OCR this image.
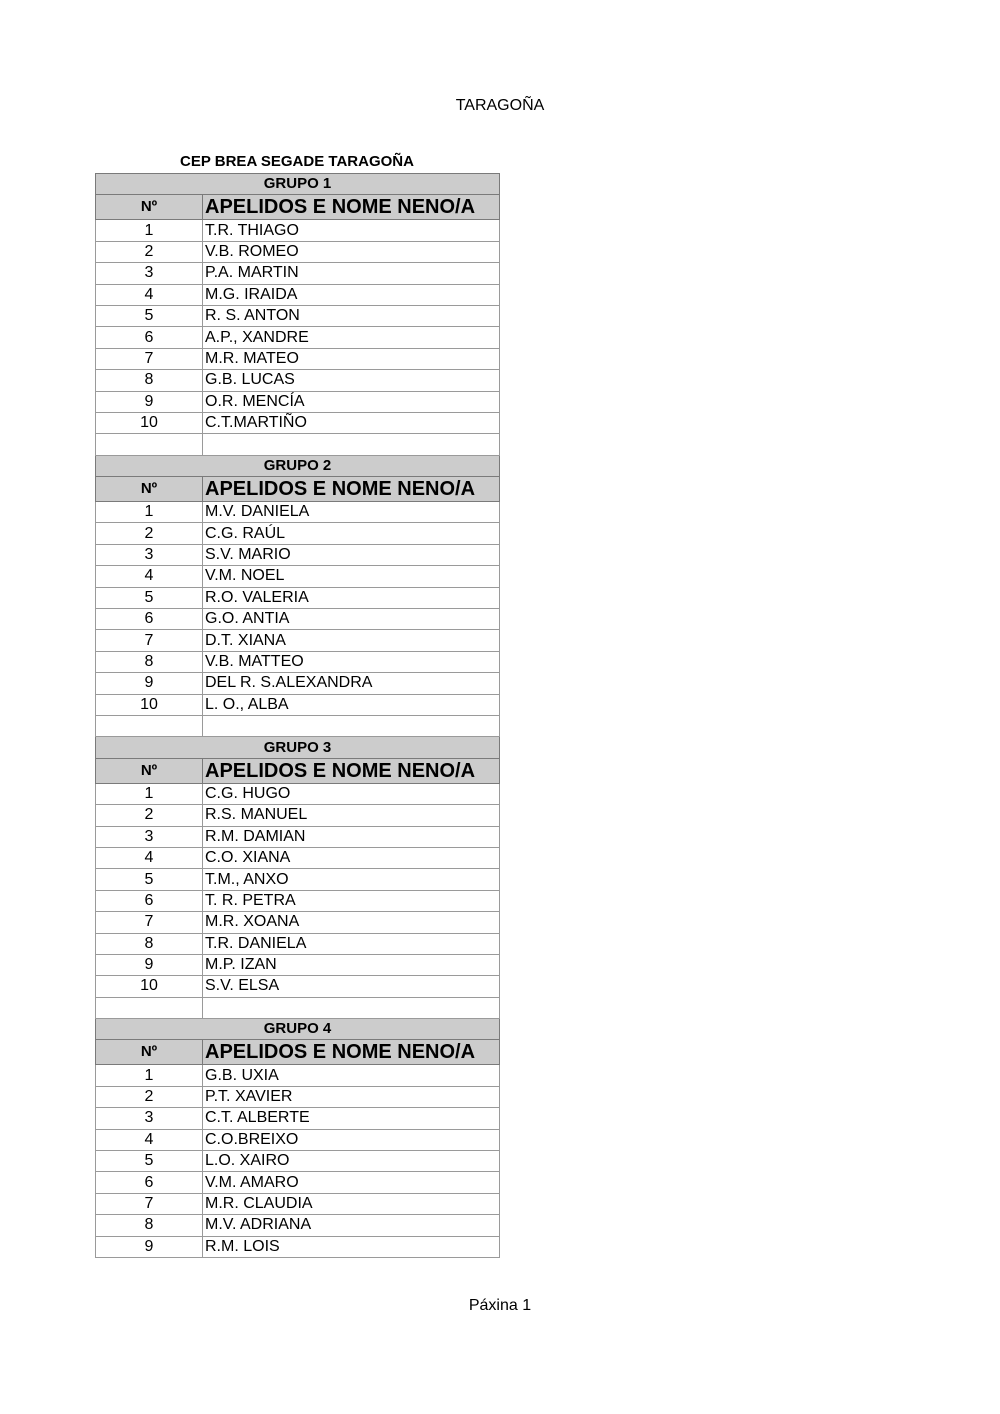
TARAGOÑA
CEP BREA SEGADE TARAGOÑA
GRUPO 1	
Nº	APELIDOS E NOME NENO/A
1	T.R. THIAGO
2	V.B. ROMEO
3	P.A. MARTIN
4	M.G. IRAIDA
5	R. S. ANTON
6	A.P., XANDRE
7	M.R. MATEO
8	G.B. LUCAS
9	O.R. MENCÍA
10	C.T.MARTIÑO

GRUPO 2	
Nº	APELIDOS E NOME NENO/A
1	M.V. DANIELA
2	C.G. RAÚL
3	S.V. MARIO
4	V.M. NOEL
5	R.O. VALERIA
6	G.O. ANTIA
7	D.T. XIANA
8	V.B. MATTEO
9	DEL R. S.ALEXANDRA
10	L. O., ALBA

GRUPO 3	
Nº	APELIDOS E NOME NENO/A
1	C.G. HUGO
2	R.S. MANUEL
3	R.M. DAMIAN
4	C.O. XIANA
5	T.M., ANXO
6	T. R. PETRA
7	M.R. XOANA
8	T.R. DANIELA
9	M.P. IZAN
10	S.V. ELSA

GRUPO 4	
Nº	APELIDOS E NOME NENO/A
1	G.B. UXIA
2	P.T. XAVIER
3	C.T. ALBERTE
4	C.O.BREIXO
5	L.O. XAIRO
6	V.M. AMARO
7	M.R. CLAUDIA
8	M.V. ADRIANA
9	R.M. LOIS
Páxina 1
